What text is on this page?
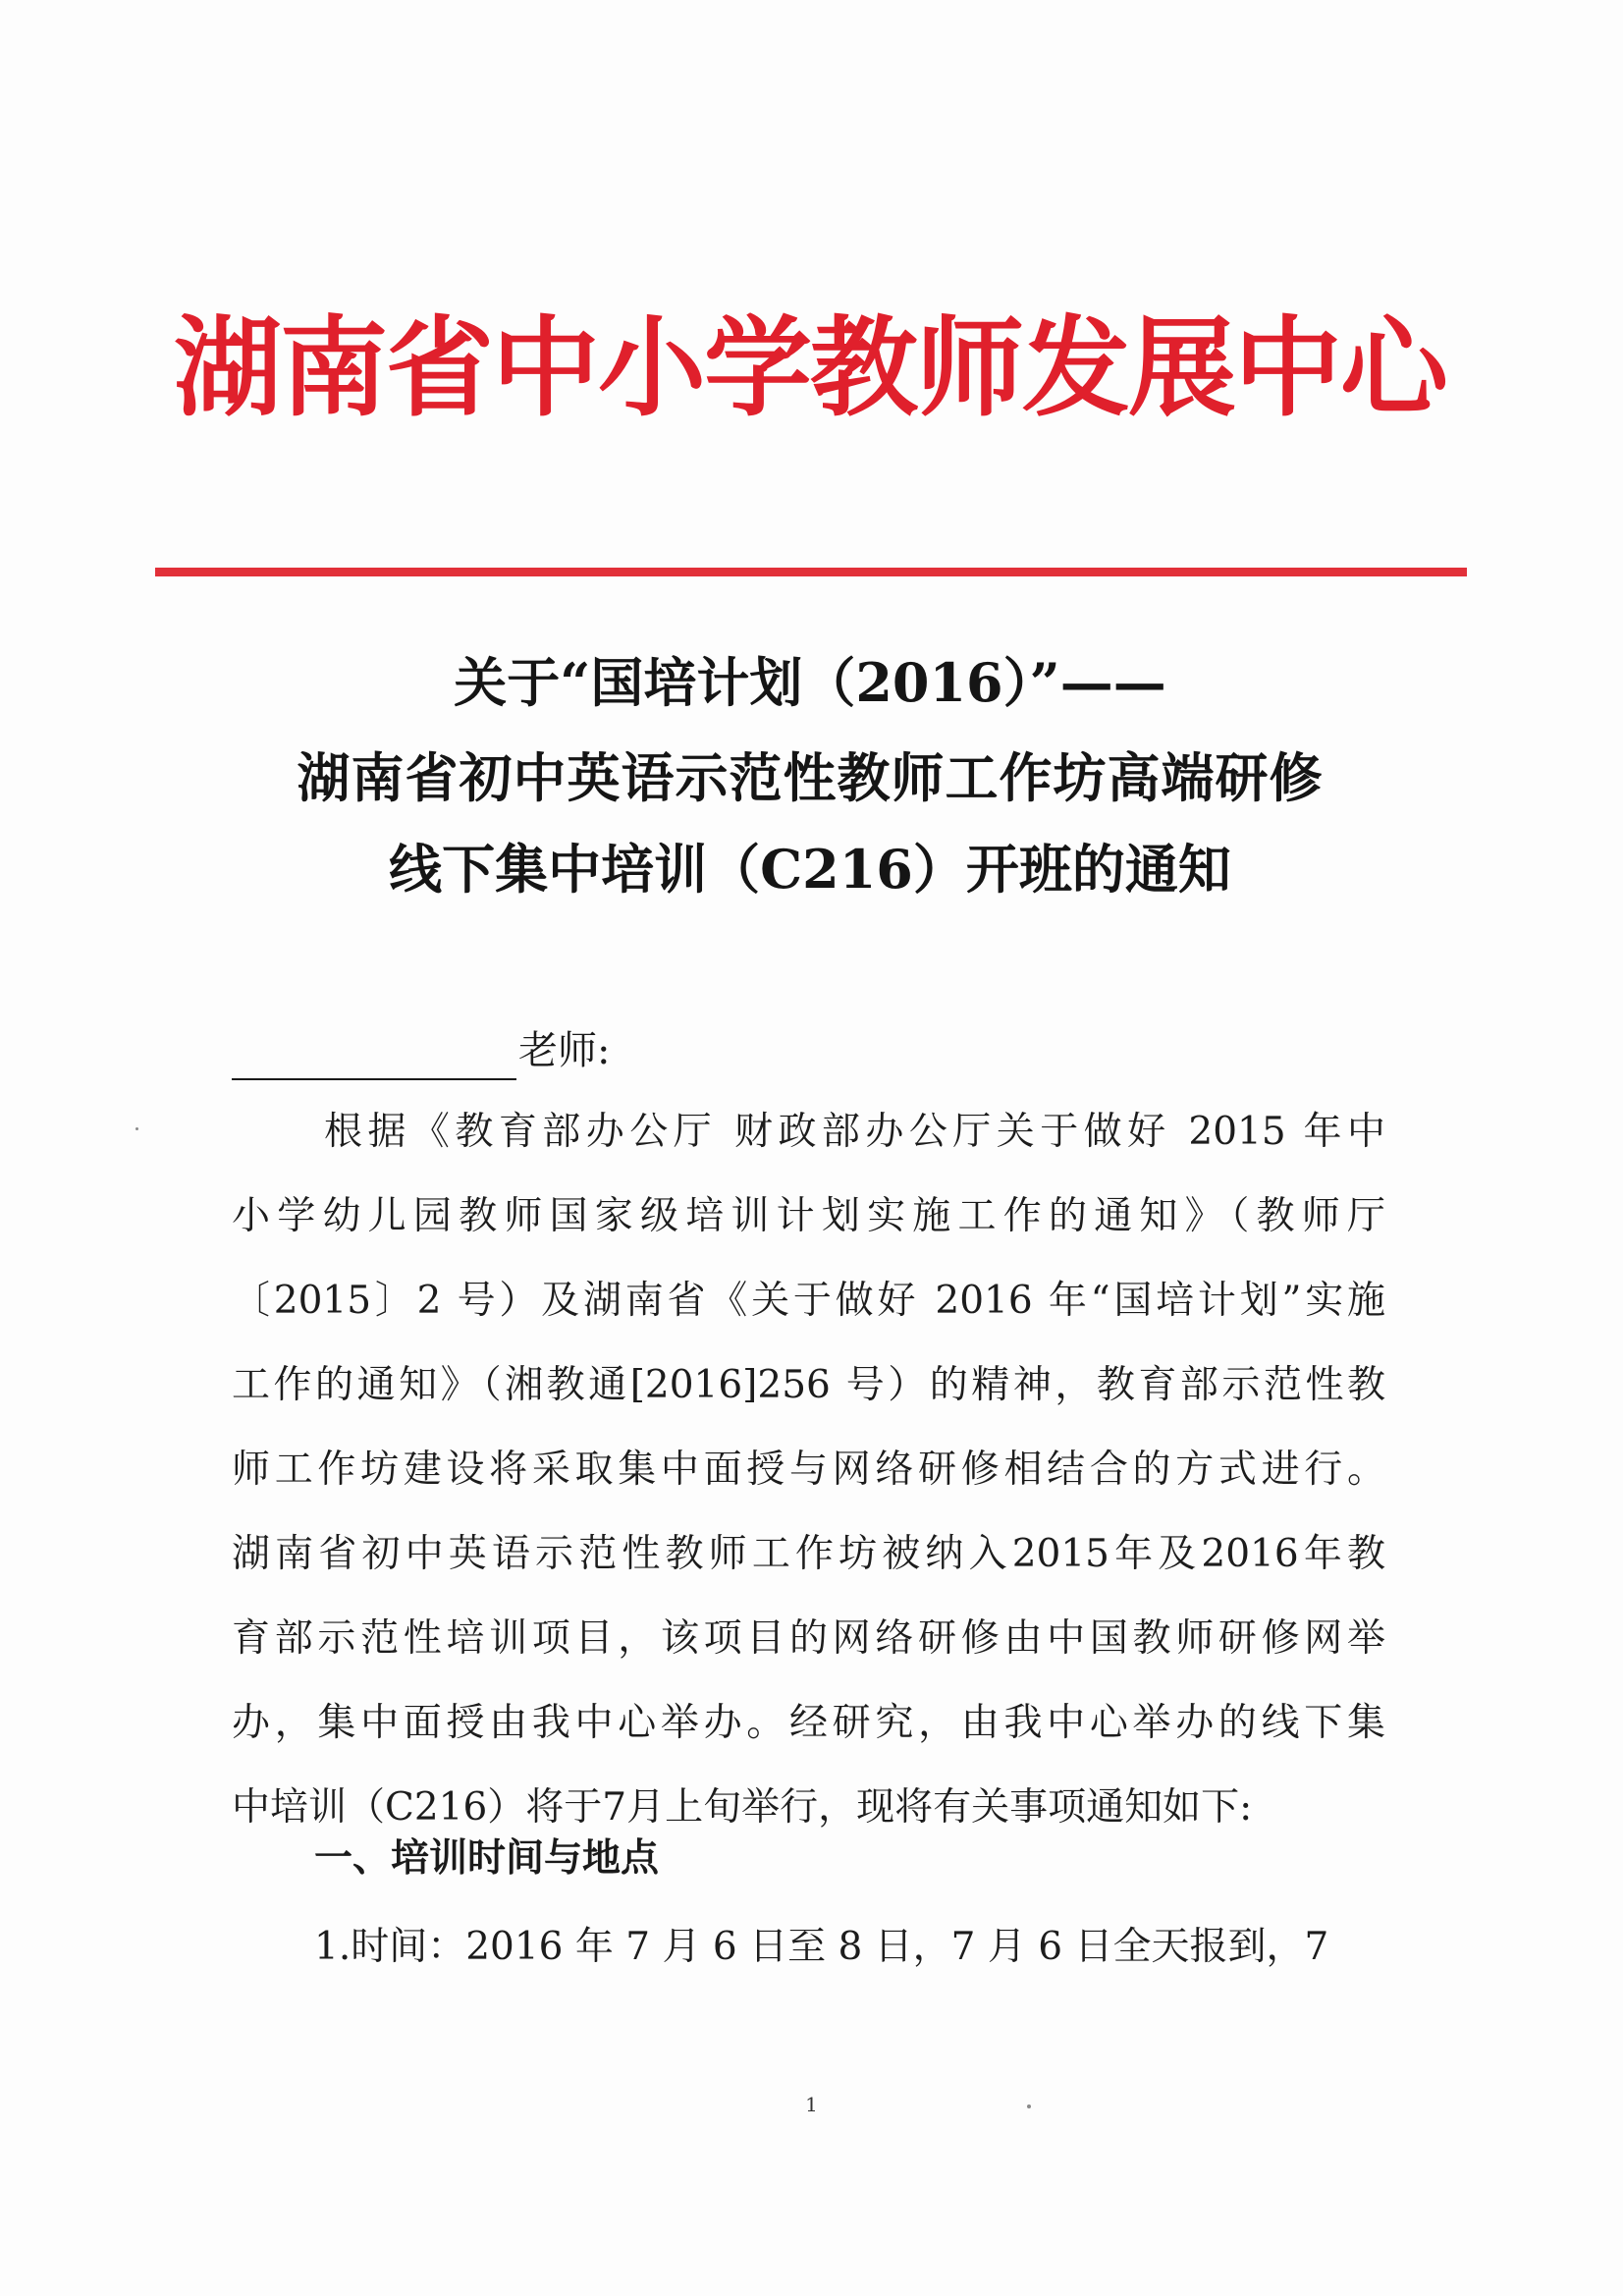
湖南省中小学教师发展中心
关于“国培计划（2016）”——
湖南省初中英语示范性教师工作坊高端研修
线下集中培训（C216）开班的通知
老师:
根据《教育部办公厅 财政部办公厅关于做好 2015 年中
小学幼儿园教师国家级培训计划实施工作的通知》（教师厅
〔2015〕2 号）及湖南省《关于做好 2016 年“国培计划”实施
工作的通知》（湘教通[2016]256 号）的精神，教育部示范性教
师工作坊建设将采取集中面授与网络研修相结合的方式进行。
湖南省初中英语示范性教师工作坊被纳入2015年及2016年教
育部示范性培训项目，该项目的网络研修由中国教师研修网举
办，集中面授由我中心举办。经研究，由我中心举办的线下集
中培训（C216）将于7月上旬举行，现将有关事项通知如下:
一、培训时间与地点
1.时间：2016 年 7 月 6 日至 8 日，7 月 6 日全天报到，7
1
